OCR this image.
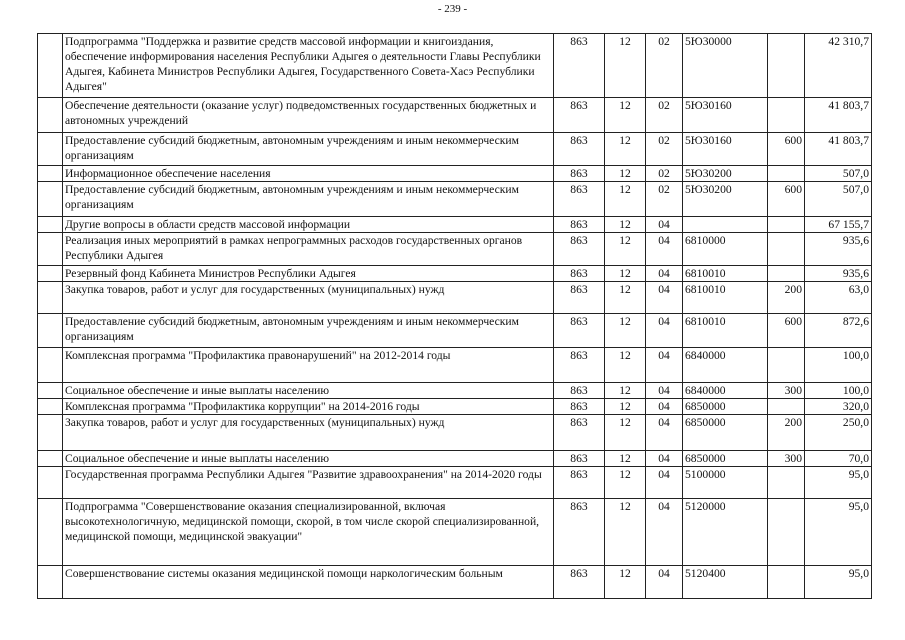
- 239 -
	Подпрограмма "Поддержка и развитие средств массовой информации и книгоиздания, обеспечение информирования населения Республики Адыгея о деятельности Главы Республики Адыгея, Кабинета Министров Республики Адыгея, Государственного Совета-Хасэ Республики Адыгея"	863	12	02	5Ю30000		42 310,7
	Обеспечение деятельности (оказание услуг) подведомственных государственных бюджетных и автономных учреждений	863	12	02	5Ю30160		41 803,7
	Предоставление субсидий бюджетным, автономным учреждениям и иным некоммерческим организациям	863	12	02	5Ю30160	600	41 803,7
	Информационное обеспечение населения	863	12	02	5Ю30200		507,0
	Предоставление субсидий бюджетным, автономным учреждениям и иным некоммерческим организациям	863	12	02	5Ю30200	600	507,0
	Другие вопросы в области средств массовой информации	863	12	04			67 155,7
	Реализация иных мероприятий в рамках непрограммных расходов государственных органов Республики Адыгея	863	12	04	6810000		935,6
	Резервный фонд Кабинета Министров Республики Адыгея	863	12	04	6810010		935,6
	Закупка товаров, работ и услуг для государственных (муниципальных) нужд	863	12	04	6810010	200	63,0
	Предоставление субсидий бюджетным, автономным учреждениям и иным некоммерческим организациям	863	12	04	6810010	600	872,6
	Комплексная программа "Профилактика правонарушений" на 2012-2014 годы	863	12	04	6840000		100,0
	Социальное обеспечение и иные выплаты населению	863	12	04	6840000	300	100,0
	Комплексная программа "Профилактика коррупции" на 2014-2016 годы	863	12	04	6850000		320,0
	Закупка товаров, работ и услуг для государственных (муниципальных) нужд	863	12	04	6850000	200	250,0
	Социальное обеспечение и иные выплаты населению	863	12	04	6850000	300	70,0
	Государственная программа Республики Адыгея "Развитие здравоохранения" на 2014-2020 годы	863	12	04	5100000		95,0
	Подпрограмма "Совершенствование оказания специализированной, включая высокотехнологичную, медицинской помощи, скорой, в том числе скорой специализированной, медицинской помощи, медицинской эвакуации"	863	12	04	5120000		95,0
	Совершенствование системы оказания медицинской помощи наркологическим больным	863	12	04	5120400		95,0
